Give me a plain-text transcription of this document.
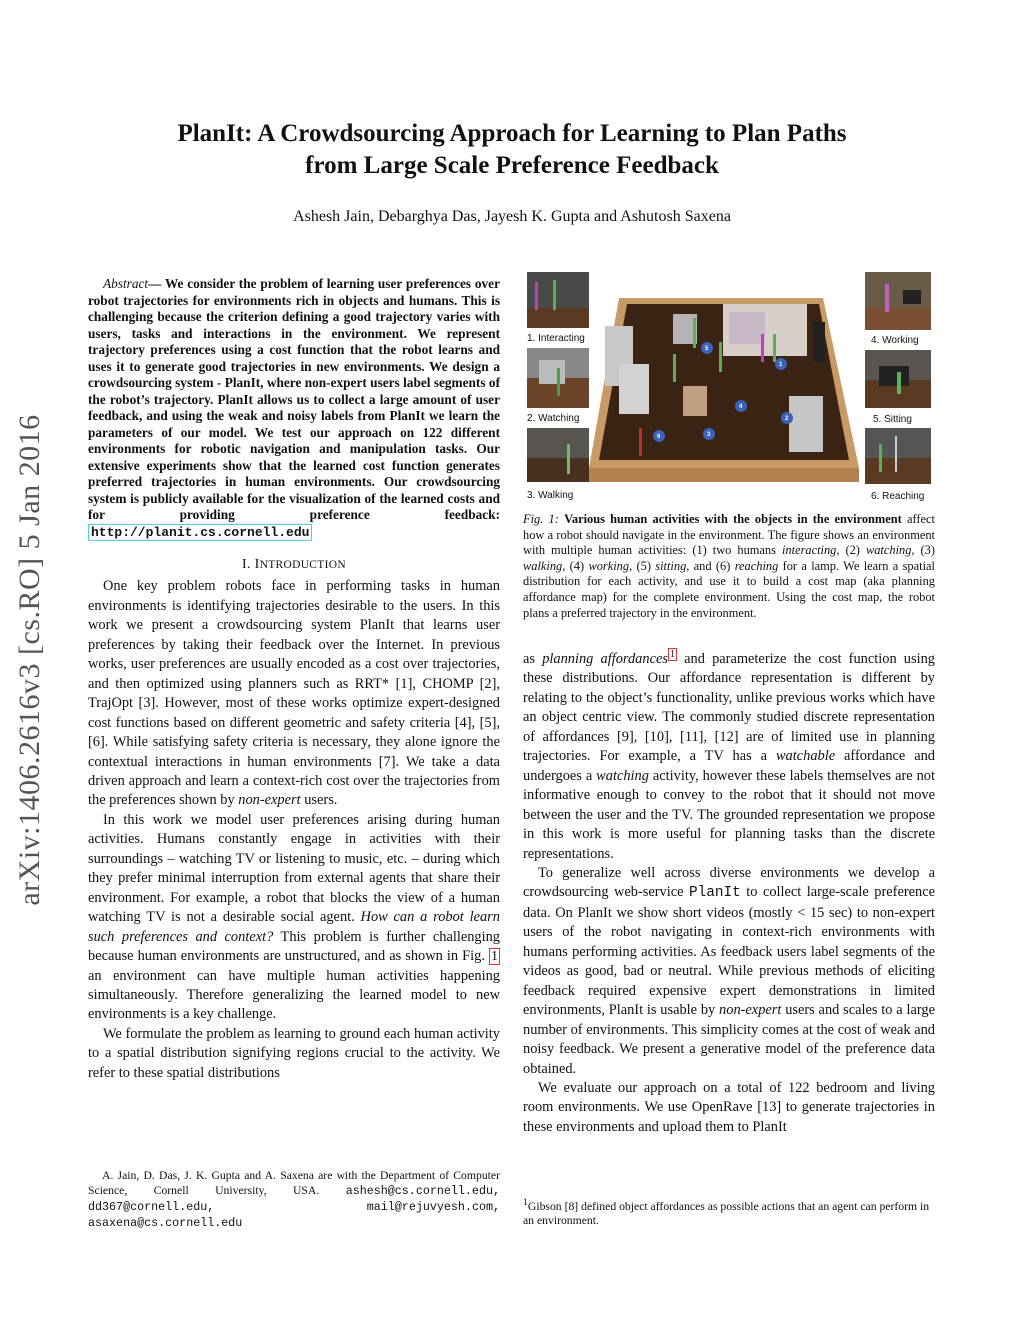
arXiv:1406.2616v3 [cs.RO] 5 Jan 2016
PlanIt: A Crowdsourcing Approach for Learning to Plan Paths
from Large Scale Preference Feedback
Ashesh Jain, Debarghya Das, Jayesh K. Gupta and Ashutosh Saxena

Abstract— We consider the problem of learning user preferences over robot trajectories for environments rich in objects and humans. This is challenging because the criterion defining a good trajectory varies with users, tasks and interactions in the environment. We represent trajectory preferences using a cost function that the robot learns and uses it to generate good trajectories in new environments. We design a crowdsourcing system - PlanIt, where non-expert users label segments of the robot’s trajectory. PlanIt allows us to collect a large amount of user feedback, and using the weak and noisy labels from PlanIt we learn the parameters of our model. We test our approach on 122 different environments for robotic navigation and manipulation tasks. Our extensive experiments show that the learned cost function generates preferred trajectories in human environments. Our crowdsourcing system is publicly available for the visualization of the learned costs and for providing preference feedback: http://planit.cs.cornell.edu

I. INTRODUCTION

One key problem robots face in performing tasks in human environments is identifying trajectories desirable to the users. In this work we present a crowdsourcing system PlanIt that learns user preferences by taking their feedback over the Internet. In previous works, user preferences are usually encoded as a cost over trajectories, and then optimized using planners such as RRT* [1], CHOMP [2], TrajOpt [3]. However, most of these works optimize expert-designed cost functions based on different geometric and safety criteria [4], [5], [6]. While satisfying safety criteria is necessary, they alone ignore the contextual interactions in human environments [7]. We take a data driven approach and learn a context-rich cost over the trajectories from the preferences shown by non-expert users.

In this work we model user preferences arising during human activities. Humans constantly engage in activities with their surroundings – watching TV or listening to music, etc. – during which they prefer minimal interruption from external agents that share their environment. For example, a robot that blocks the view of a human watching TV is not a desirable social agent. How can a robot learn such preferences and context? This problem is further challenging because human environments are unstructured, and as shown in Fig. 1 an environment can have multiple human activities happening simultaneously. Therefore generalizing the learned model to new environments is a key challenge.

We formulate the problem as learning to ground each human activity to a spatial distribution signifying regions crucial to the activity. We refer to these spatial distributions

A. Jain, D. Das, J. K. Gupta and A. Saxena are with the Department of Computer Science, Cornell University, USA. ashesh@cs.cornell.edu, dd367@cornell.edu,	mail@rejuvyesh.com, asaxena@cs.cornell.edu

1. Interacting
2. Watching
3. Walking
4. Working
5. Sitting
6. Reaching
1
2
3
4
5
6
Fig. 1: Various human activities with the objects in the environment affect how a robot should navigate in the environment. The figure shows an environment with multiple human activities: (1) two humans interacting, (2) watching, (3) walking, (4) working, (5) sitting, and (6) reaching for a lamp. We learn a spatial distribution for each activity, and use it to build a cost map (aka planning affordance map) for the complete environment. Using the cost map, the robot plans a preferred trajectory in the environment.

as planning affordances $^1$ and parameterize the cost function using these distributions. Our affordance representation is different by relating to the object’s functionality, unlike previous works which have an object centric view. The commonly studied discrete representation of affordances [9], [10], [11], [12] are of limited use in planning trajectories. For example, a TV has a watchable affordance and undergoes a watching activity, however these labels themselves are not informative enough to convey to the robot that it should not move between the user and the TV. The grounded representation we propose in this work is more useful for planning tasks than the discrete representations.

To generalize well across diverse environments we develop a crowdsourcing web-service PlanIt to collect large-scale preference data. On PlanIt we show short videos (mostly < 15 sec) to non-expert users of the robot navigating in context-rich environments with humans performing activities. As feedback users label segments of the videos as good, bad or neutral. While previous methods of eliciting feedback required expensive expert demonstrations in limited environments, PlanIt is usable by non-expert users and scales to a large number of environments. This simplicity comes at the cost of weak and noisy feedback. We present a generative model of the preference data obtained.

We evaluate our approach on a total of 122 bedroom and living room environments. We use OpenRave [13] to generate trajectories in these environments and upload them to PlanIt

$^1$Gibson [8] defined object affordances as possible actions that an agent can perform in an environment.
